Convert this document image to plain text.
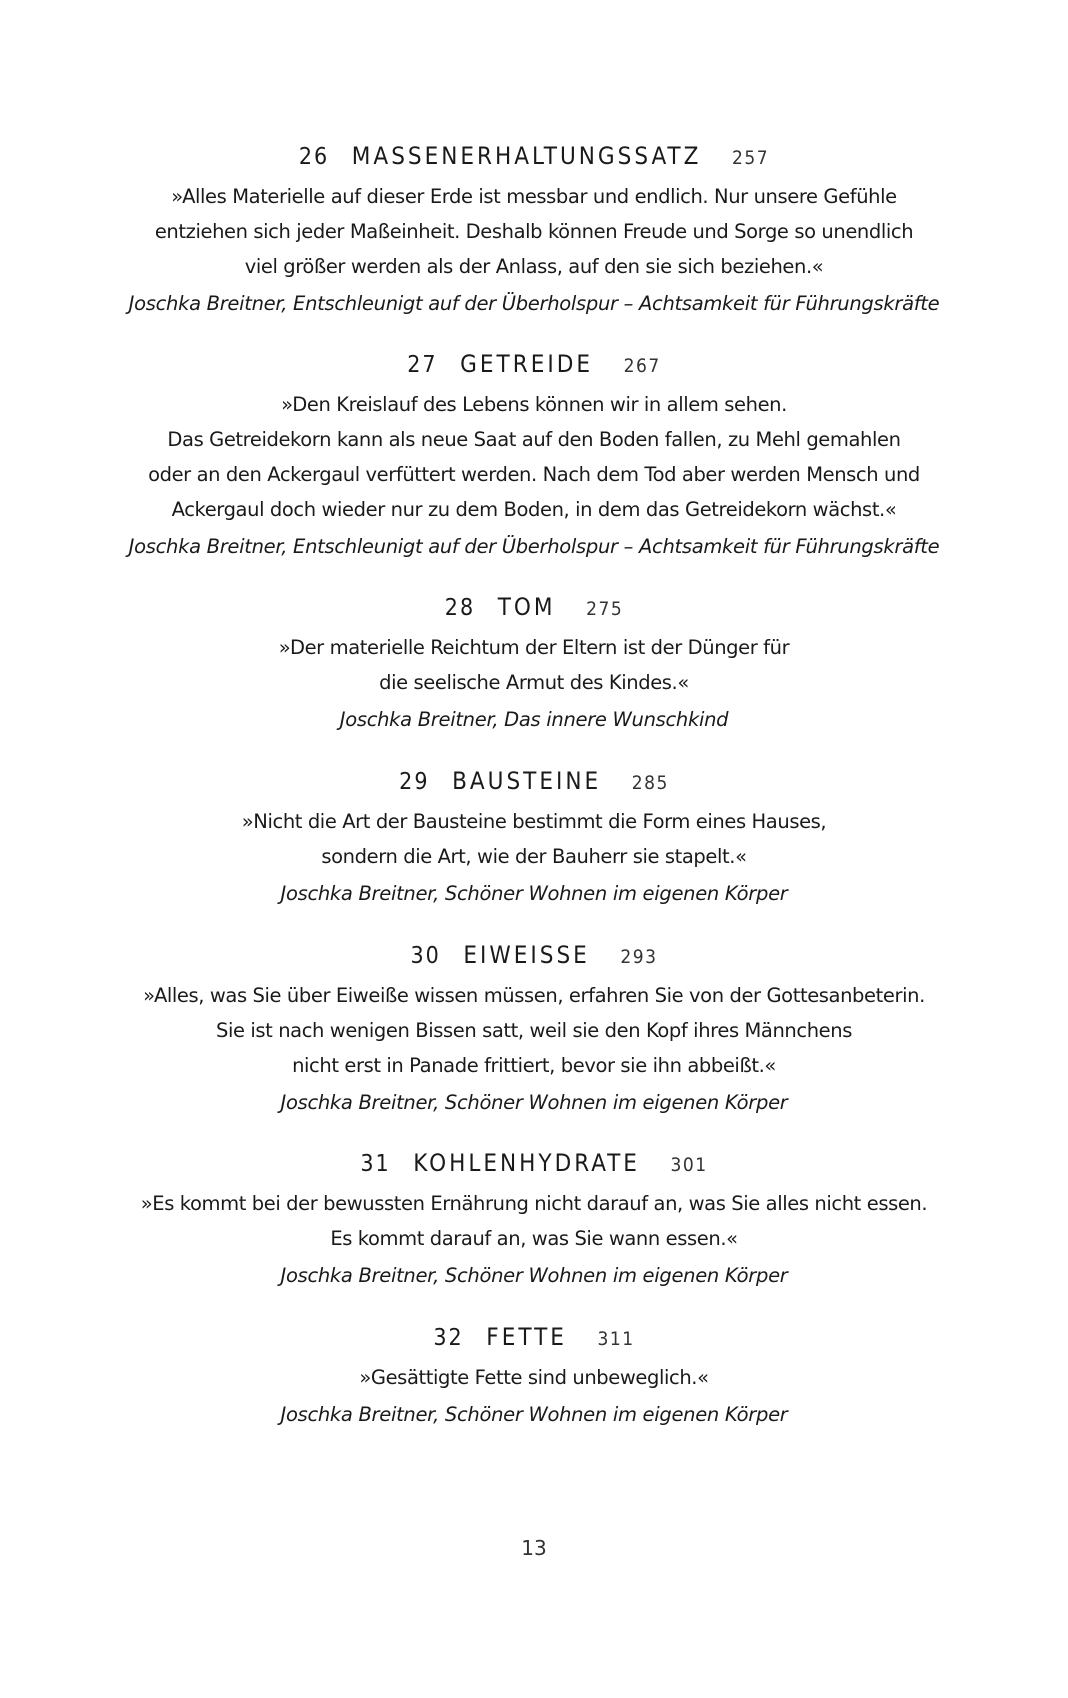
26 MASSENERHALTUNGSSATZ 257
»Alles Materielle auf dieser Erde ist messbar und endlich. Nur unsere Gefühle
entziehen sich jeder Maßeinheit. Deshalb können Freude und Sorge so unendlich
viel größer werden als der Anlass, auf den sie sich beziehen.«
Joschka Breitner, Entschleunigt auf der Überholspur – Achtsamkeit für Führungskräfte
27 GETREIDE 267
»Den Kreislauf des Lebens können wir in allem sehen.
Das Getreidekorn kann als neue Saat auf den Boden fallen, zu Mehl gemahlen
oder an den Ackergaul verfüttert werden. Nach dem Tod aber werden Mensch und
Ackergaul doch wieder nur zu dem Boden, in dem das Getreidekorn wächst.«
Joschka Breitner, Entschleunigt auf der Überholspur – Achtsamkeit für Führungskräfte
28 TOM 275
»Der materielle Reichtum der Eltern ist der Dünger für
die seelische Armut des Kindes.«
Joschka Breitner, Das innere Wunschkind
29 BAUSTEINE 285
»Nicht die Art der Bausteine bestimmt die Form eines Hauses,
sondern die Art, wie der Bauherr sie stapelt.«
Joschka Breitner, Schöner Wohnen im eigenen Körper
30 EIWEISSE 293
»Alles, was Sie über Eiweiße wissen müssen, erfahren Sie von der Gottesanbeterin.
Sie ist nach wenigen Bissen satt, weil sie den Kopf ihres Männchens
nicht erst in Panade frittiert, bevor sie ihn abbeißt.«
Joschka Breitner, Schöner Wohnen im eigenen Körper
31 KOHLENHYDRATE 301
»Es kommt bei der bewussten Ernährung nicht darauf an, was Sie alles nicht essen.
Es kommt darauf an, was Sie wann essen.«
Joschka Breitner, Schöner Wohnen im eigenen Körper
32 FETTE 311
»Gesättigte Fette sind unbeweglich.«
Joschka Breitner, Schöner Wohnen im eigenen Körper
13
